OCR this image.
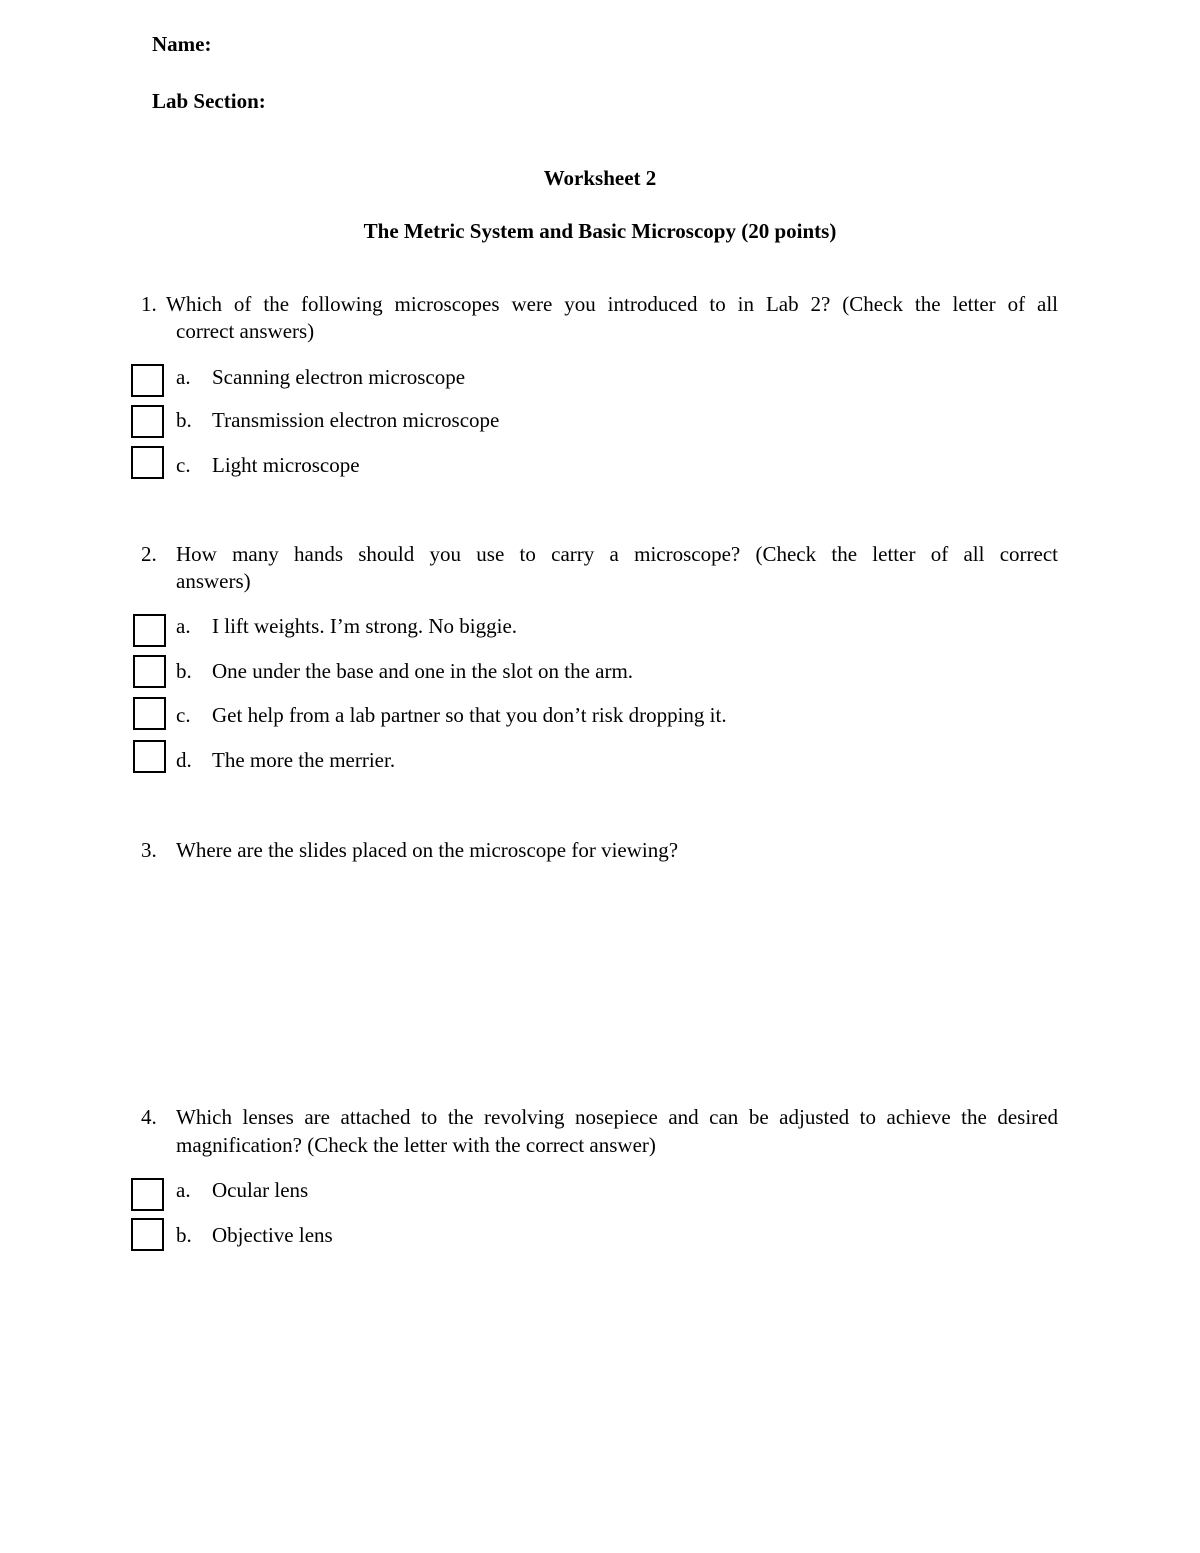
Name:
Lab Section:
Worksheet 2
The Metric System and Basic Microscopy (20 points)
1. Which of the following microscopes were you introduced to in Lab 2? (Check the letter of all
correct answers)
a. Scanning electron microscope
b. Transmission electron microscope
c. Light microscope
2. How many hands should you use to carry a microscope? (Check the letter of all correct
answers)
a. I lift weights. I’m strong. No biggie.
b. One under the base and one in the slot on the arm.
c. Get help from a lab partner so that you don’t risk dropping it.
d. The more the merrier.
3. Where are the slides placed on the microscope for viewing?
4. Which lenses are attached to the revolving nosepiece and can be adjusted to achieve the desired
magnification? (Check the letter with the correct answer)
a. Ocular lens
b. Objective lens
